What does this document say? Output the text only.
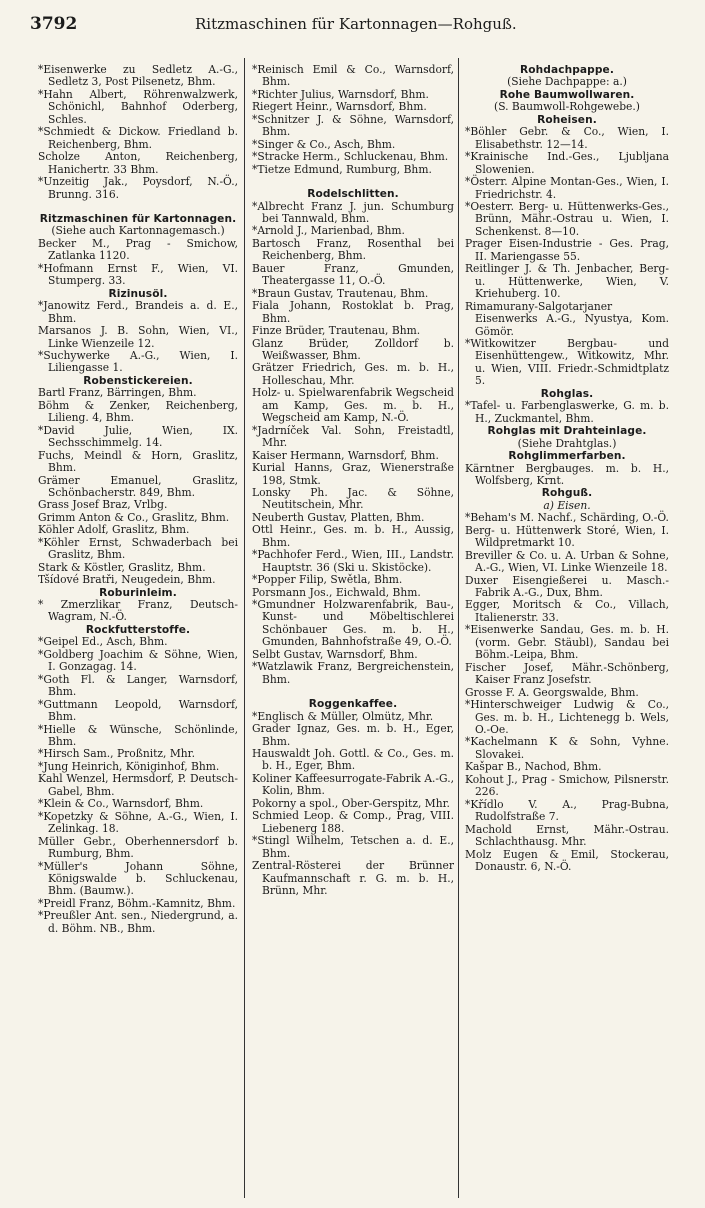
3792	Ritzmaschinen für Kartonnagen—Rohguß.
*Eisenwerke zu Sedletz A.-G., Sedletz 3, Post Pilsenetz, Bhm.
*Hahn Albert, Röhrenwalzwerk, Schönichl, Bahnhof Oderberg, Schles.
*Schmiedt & Dickow. Friedland b. Reichenberg, Bhm.
Scholze Anton, Reichenberg, Hanichertr. 33 Bhm.
*Unzeitig Jak., Poysdorf, N.-Ö., Brunng. 316.
Ritzmaschinen für Kartonnagen.
(Siehe auch Kartonnagemasch.)
Becker M., Prag - Smichow, Zatlanka 1120.
*Hofmann Ernst F., Wien, VI. Stumperg. 33.
Rizinusöl.
*Janowitz Ferd., Brandeis a. d. E., Bhm.
Marsanos J. B. Sohn, Wien, VI., Linke Wienzeile 12.
*Suchywerke A.-G., Wien, I. Liliengasse 1.
Robenstickereien.
Bartl Franz, Bärringen, Bhm.
Böhm & Zenker, Reichenberg, Lilieng. 4, Bhm.
*David Julie, Wien, IX. Sechsschimmelg. 14.
Fuchs, Meindl & Horn, Graslitz, Bhm.
Grämer Emanuel, Graslitz, Schönbacherstr. 849, Bhm.
Grass Josef Braz, Vrlbg.
Grimm Anton & Co., Graslitz, Bhm.
Köhler Adolf, Graslitz, Bhm.
*Köhler Ernst, Schwaderbach bei Graslitz, Bhm.
Stark & Köstler, Graslitz, Bhm.
Tšídové Bratři, Neugedein, Bhm.
Roburinleim.
* Zmerzlikar Franz, Deutsch-Wagram, N.-Ö.
Rockfutterstoffe.
*Geipel Ed., Asch, Bhm.
*Goldberg Joachim & Söhne, Wien, I. Gonzagag. 14.
*Goth Fl. & Langer, Warnsdorf, Bhm.
*Guttmann Leopold, Warnsdorf, Bhm.
*Hielle & Wünsche, Schönlinde, Bhm.
*Hirsch Sam., Proßnitz, Mhr.
*Jung Heinrich, Königinhof, Bhm.
Kahl Wenzel, Hermsdorf, P. Deutsch-Gabel, Bhm.
*Klein & Co., Warnsdorf, Bhm.
*Kopetzky & Söhne, A.-G., Wien, I. Zelinkag. 18.
Müller Gebr., Oberhennersdorf b. Rumburg, Bhm.
*Müller's Johann Söhne, Königswalde b. Schluckenau, Bhm. (Baumw.).
*Preidl Franz, Böhm.-Kamnitz, Bhm.
*Preußler Ant. sen., Niedergrund, a. d. Böhm. NB., Bhm.
*Reinisch Emil & Co., Warnsdorf, Bhm.
*Richter Julius, Warnsdorf, Bhm.
Riegert Heinr., Warnsdorf, Bhm.
*Schnitzer J. & Söhne, Warnsdorf, Bhm.
*Singer & Co., Asch, Bhm.
*Stracke Herm., Schluckenau, Bhm.
*Tietze Edmund, Rumburg, Bhm.
Rodelschlitten.
*Albrecht Franz J. jun. Schumburg bei Tannwald, Bhm.
*Arnold J., Marienbad, Bhm.
Bartosch Franz, Rosenthal bei Reichenberg, Bhm.
Bauer Franz, Gmunden, Theatergasse 11, O.-Ö.
*Braun Gustav, Trautenau, Bhm.
Fiala Johann, Rostoklat b. Prag, Bhm.
Finze Brüder, Trautenau, Bhm.
Glanz Brüder, Zolldorf b. Weißwasser, Bhm.
Grätzer Friedrich, Ges. m. b. H., Holleschau, Mhr.
Holz- u. Spielwarenfabrik Wegscheid am Kamp, Ges. m. b. H., Wegscheid am Kamp, N.-Ö.
*Jadrníček Val. Sohn, Freistadtl, Mhr.
Kaiser Hermann, Warnsdorf, Bhm.
Kurial Hanns, Graz, Wienerstraße 198, Stmk.
Lonsky Ph. Jac. & Söhne, Neutitschein, Mhr.
Neuberth Gustav, Platten, Bhm.
Ottl Heinr., Ges. m. b. H., Aussig, Bhm.
*Pachhofer Ferd., Wien, III., Landstr. Hauptstr. 36 (Ski u. Skistöcke).
*Popper Filip, Swětla, Bhm.
Porsmann Jos., Eichwald, Bhm.
*Gmundner Holzwarenfabrik, Bau-, Kunst- und Möbeltischlerei Schönbauer Ges. m. b. H., Gmunden, Bahnhofstraße 49, O.-Ö.
Selbt Gustav, Warnsdorf, Bhm.
*Watzlawik Franz, Bergreichenstein, Bhm.
Roggenkaffee.
*Englisch & Müller, Olmütz, Mhr.
Grader Ignaz, Ges. m. b. H., Eger, Bhm.
Hauswaldt Joh. Gottl. & Co., Ges. m. b. H., Eger, Bhm.
Koliner Kaffeesurrogate-Fabrik A.-G., Kolin, Bhm.
Pokorny a spol., Ober-Gerspitz, Mhr.
Schmied Leop. & Comp., Prag, VIII. Liebenerg 188.
*Stingl Wilhelm, Tetschen a. d. E., Bhm.
Zentral-Rösterei der Brünner Kaufmannschaft r. G. m. b. H., Brünn, Mhr.
Rohdachpappe.
(Siehe Dachpappe: a.)
Rohe Baumwollwaren.
(S. Baumwoll-Rohgewebe.)
Roheisen.
*Böhler Gebr. & Co., Wien, I. Elisabethstr. 12—14.
*Krainische Ind.-Ges., Ljubljana Slowenien.
*Österr. Alpine Montan-Ges., Wien, I. Friedrichstr. 4.
*Oesterr. Berg- u. Hüttenwerks-Ges., Brünn, Mähr.-Ostrau u. Wien, I. Schenkenst. 8—10.
Prager Eisen-Industrie - Ges. Prag, II. Mariengasse 55.
Reitlinger J. & Th. Jenbacher, Berg- u. Hüttenwerke, Wien, V. Kriehuberg. 10.
Rimamurany-Salgotarjaner Eisenwerks A.-G., Nyustya, Kom. Gömör.
*Witkowitzer Bergbau- und Eisenhüttengew., Witkowitz, Mhr. u. Wien, VIII. Friedr.-Schmidtplatz 5.
Rohglas.
*Tafel- u. Farbenglaswerke, G. m. b. H., Zuckmantel, Bhm.
Rohglas mit Drahteinlage.
(Siehe Drahtglas.)
Rohglimmerfarben.
Kärntner Bergbauges. m. b. H., Wolfsberg, Krnt.
Rohguß.
a) Eisen.
*Beham's M. Nachf., Schärding, O.-Ö.
Berg- u. Hüttenwerk Storé, Wien, I. Wildpretmarkt 10.
Breviller & Co. u. A. Urban & Sohne, A.-G., Wien, VI. Linke Wienzeile 18.
Duxer Eisengießerei u. Masch.-Fabrik A.-G., Dux, Bhm.
Egger, Moritsch & Co., Villach, Italienerstr. 33.
*Eisenwerke Sandau, Ges. m. b. H. (vorm. Gebr. Stäubl), Sandau bei Böhm.-Leipa, Bhm.
Fischer Josef, Mähr.-Schönberg, Kaiser Franz Josefstr.
Grosse F. A. Georgswalde, Bhm.
*Hinterschweiger Ludwig & Co., Ges. m. b. H., Lichtenegg b. Wels, O.-Oe.
*Kachelmann K & Sohn, Vyhne. Slovakei.
Kašpar B., Nachod, Bhm.
Kohout J., Prag - Smichow, Pilsnerstr. 226.
*Křídlo V. A., Prag-Bubna, Rudolfstraße 7.
Machold Ernst, Mähr.-Ostrau. Schlachthausg. Mhr.
Molz Eugen & Emil, Stockerau, Donaustr. 6, N.-Ö.
